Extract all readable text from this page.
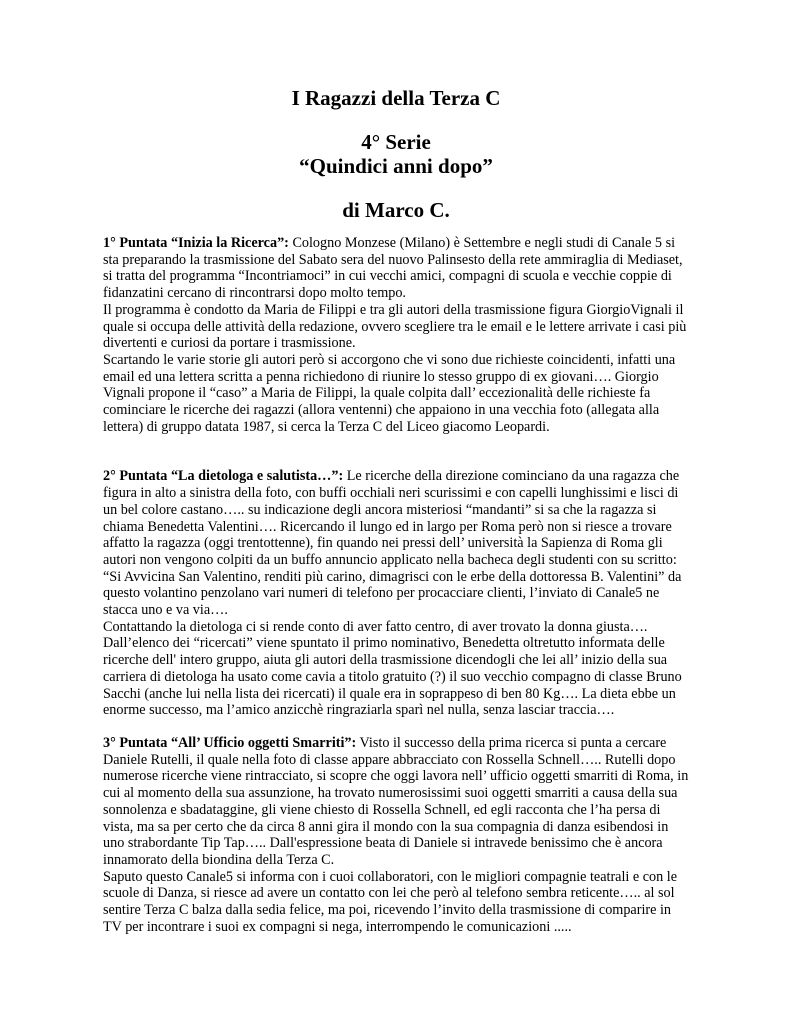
I Ragazzi della Terza C
4° Serie
“Quindici anni dopo”
di Marco C.

1° Puntata “Inizia la Ricerca”: Cologno Monzese (Milano) è Settembre e negli studi di Canale 5 si sta preparando la trasmissione del Sabato sera del nuovo Palinsesto della rete ammiraglia di Mediaset, si tratta del programma “Incontriamoci” in cui vecchi amici, compagni di scuola e vecchie coppie di fidanzatini cercano di rincontrarsi dopo molto tempo.

Il programma è condotto da Maria de Filippi e tra gli autori della trasmissione figura GiorgioVignali il quale si occupa delle attività della redazione, ovvero scegliere tra le email e le lettere arrivate i casi più divertenti e curiosi da portare i trasmissione.

Scartando le varie storie gli autori però si accorgono che vi sono due richieste coincidenti, infatti una email ed una lettera scritta a penna richiedono di riunire lo stesso gruppo di ex giovani…. Giorgio Vignali propone il “caso” a Maria de Filippi, la quale colpita dall’ eccezionalità delle richieste fa cominciare le ricerche dei ragazzi (allora ventenni) che appaiono in una vecchia foto (allegata alla lettera) di gruppo datata 1987, si cerca la Terza C del Liceo giacomo Leopardi.

2° Puntata “La dietologa e salutista…”: Le ricerche della direzione cominciano da una ragazza che figura in alto a sinistra della foto, con buffi occhiali neri scurissimi e con capelli lunghissimi e lisci di un bel colore castano….. su indicazione degli ancora misteriosi “mandanti” si sa che la ragazza si chiama Benedetta Valentini…. Ricercando il lungo ed in largo per Roma però non si riesce a trovare affatto la ragazza (oggi trentottenne), fin quando nei pressi dell’ università la Sapienza di Roma gli autori non vengono colpiti da un buffo annuncio applicato nella bacheca degli studenti con su scritto: “Si Avvicina San Valentino, renditi più carino, dimagrisci con le erbe della dottoressa B. Valentini” da questo volantino penzolano vari numeri di telefono per procacciare clienti, l’inviato di Canale5 ne stacca uno e va via….

Contattando la dietologa ci si rende conto di aver fatto centro, di aver trovato la donna giusta…. Dall’elenco dei “ricercati” viene spuntato il primo nominativo, Benedetta oltretutto informata delle ricerche dell' intero gruppo, aiuta gli autori della trasmissione dicendogli che lei all’ inizio della sua carriera di dietologa ha usato come cavia a titolo gratuito (?) il suo vecchio compagno di classe Bruno Sacchi (anche lui nella lista dei ricercati) il quale era in soprappeso di ben 80 Kg…. La dieta ebbe un enorme successo, ma l’amico anzicchè ringraziarla sparì nel nulla, senza lasciar traccia….

3° Puntata “All’ Ufficio oggetti Smarriti”: Visto il successo della prima ricerca si punta a cercare Daniele Rutelli, il quale nella foto di classe appare abbracciato con Rossella Schnell….. Rutelli dopo numerose ricerche viene rintracciato, si scopre che oggi lavora nell’ ufficio oggetti smarriti di Roma, in cui al momento della sua assunzione, ha trovato numerosissimi suoi oggetti smarriti a causa della sua sonnolenza e sbadataggine, gli viene chiesto di Rossella Schnell, ed egli racconta che l’ha persa di vista, ma sa per certo che da circa 8 anni gira il mondo con la sua compagnia di danza esibendosi in uno strabordante Tip Tap….. Dall'espressione beata di Daniele si intravede benissimo che è ancora innamorato della biondina della Terza C.

Saputo questo Canale5 si informa con i cuoi collaboratori, con le migliori compagnie teatrali e con le scuole di Danza, si riesce ad avere un contatto con lei che però al telefono sembra reticente….. al sol sentire Terza C balza dalla sedia felice, ma poi, ricevendo l’invito della trasmissione di comparire in TV per incontrare i suoi ex compagni si nega, interrompendo le comunicazioni .....
